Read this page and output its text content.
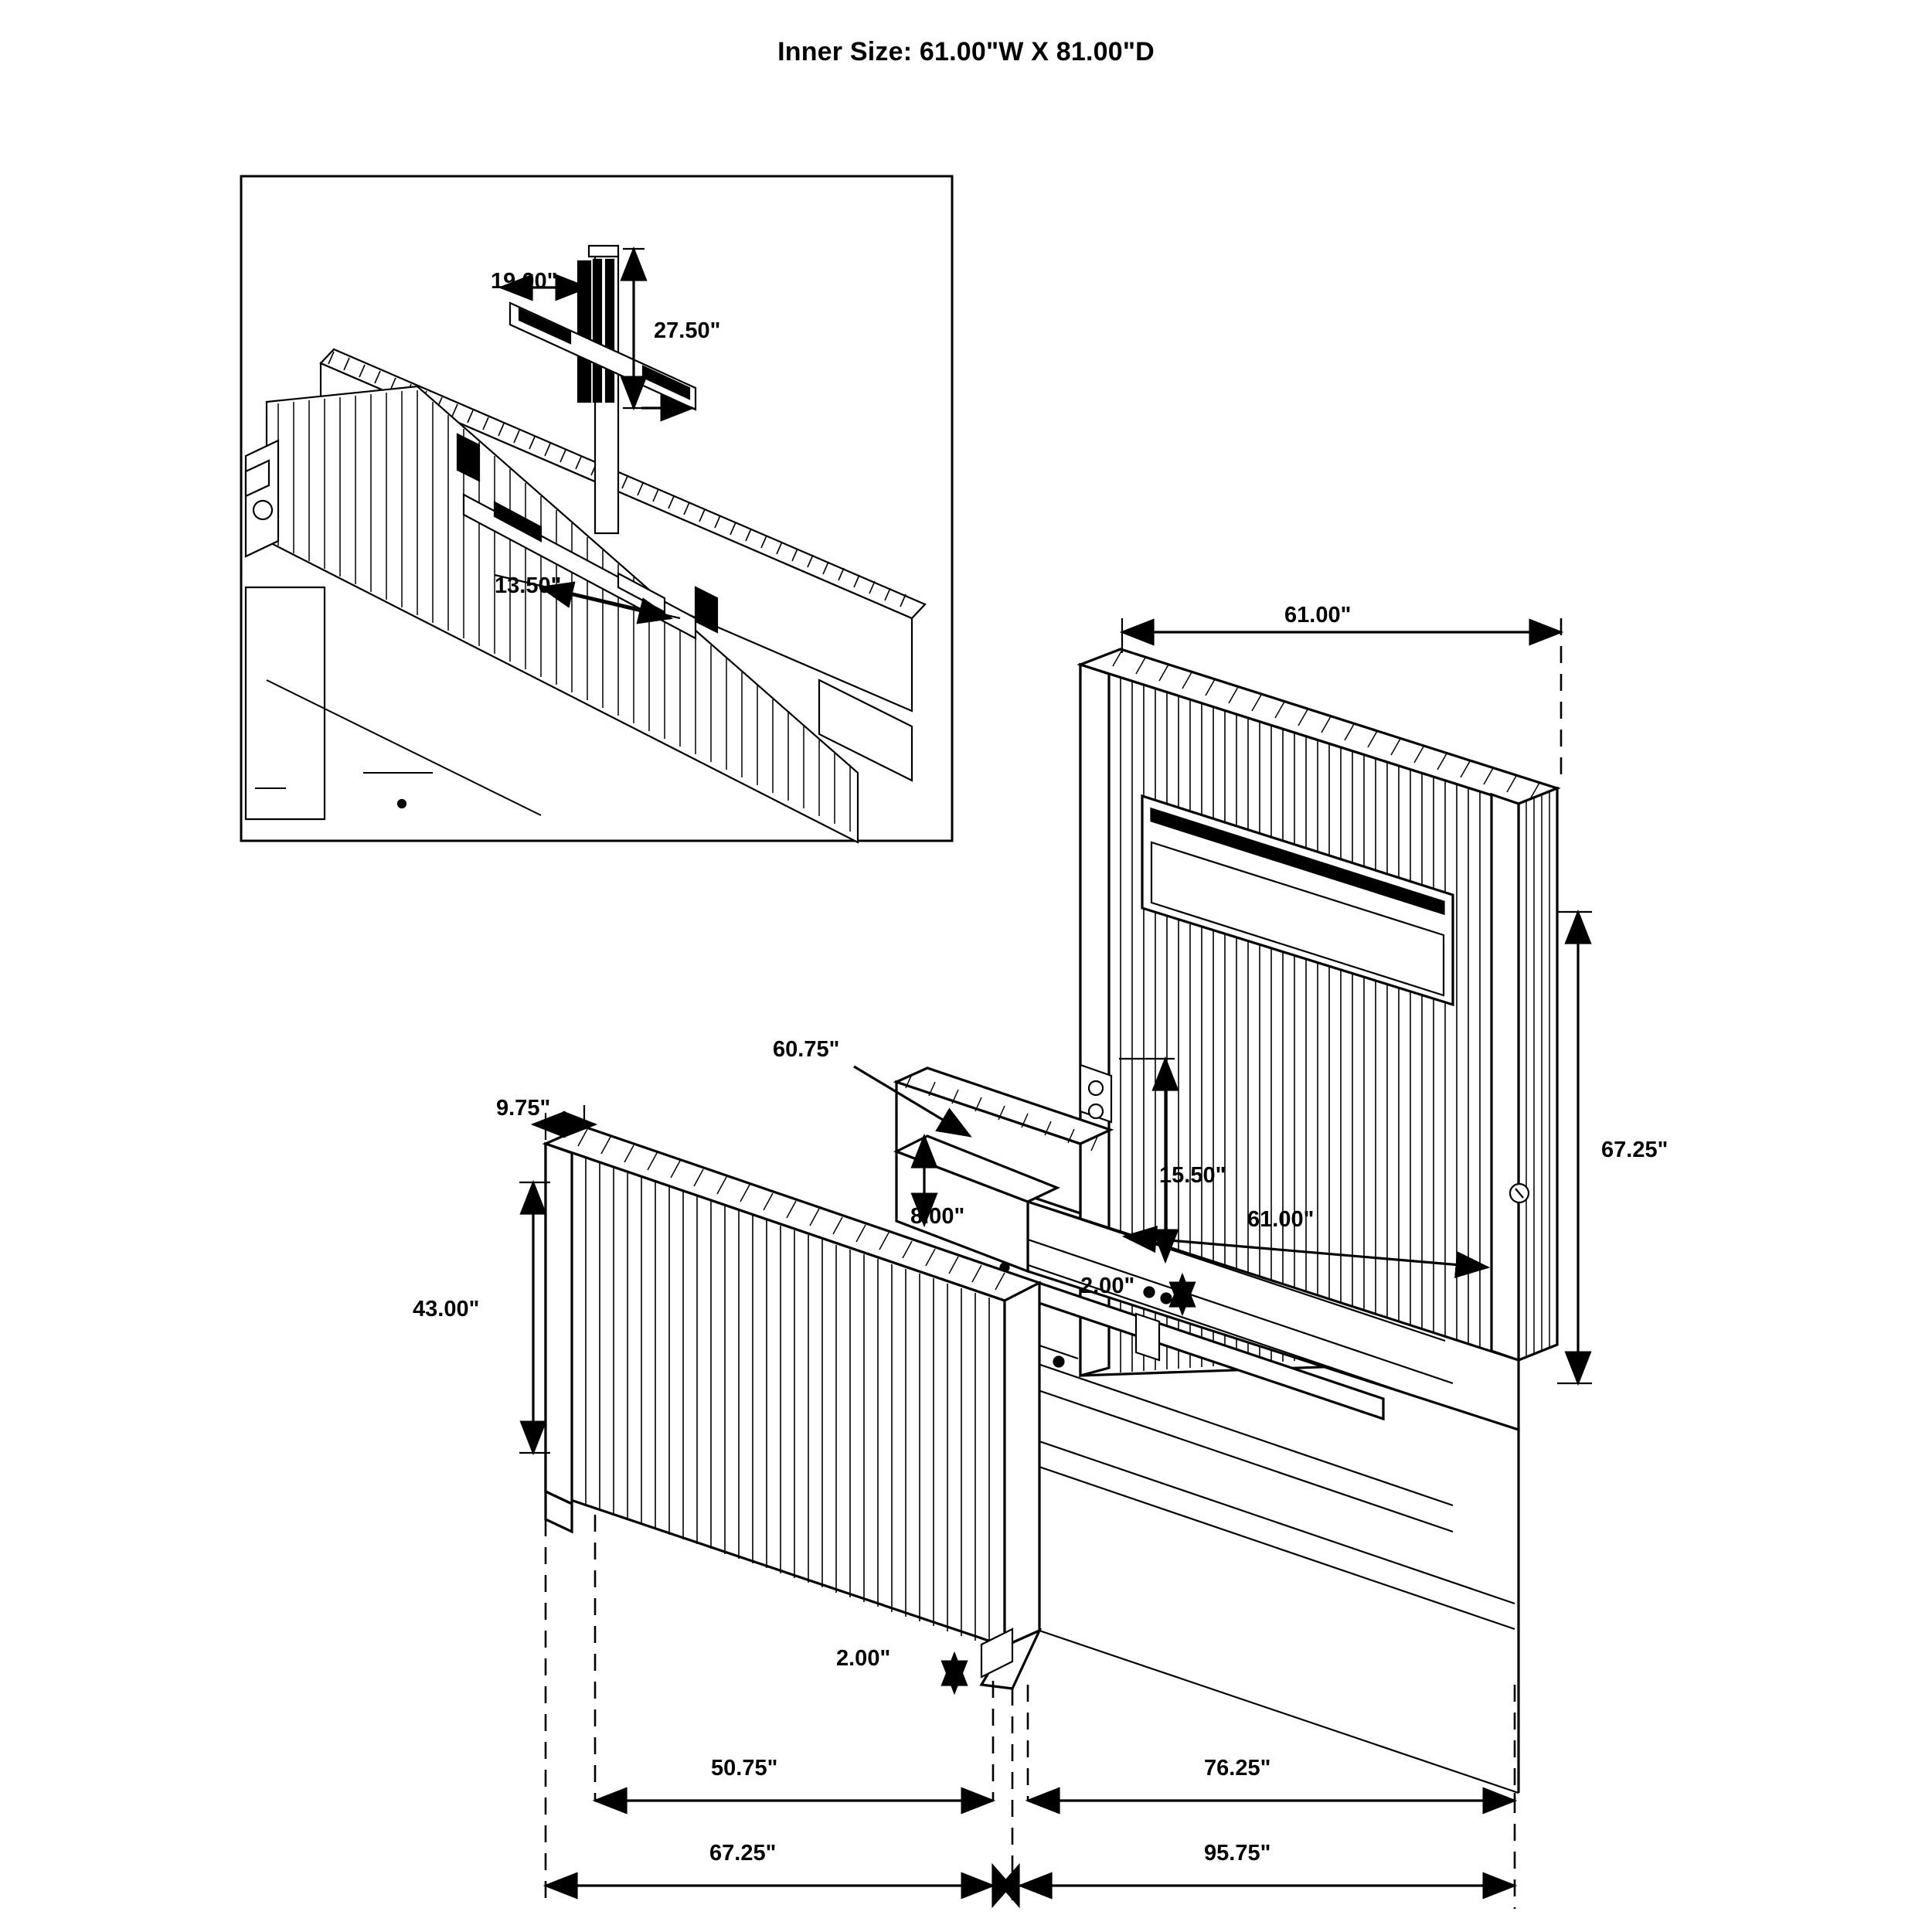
Inner Size: 61.00"W X 81.00"D
19.00"
27.50"
13.50"
61.00"
67.25"
61.00"
15.50"
2.00"
60.75"
8.00"
9.75"
43.00"
2.00"
50.75"	76.25"
67.25"	95.75"
